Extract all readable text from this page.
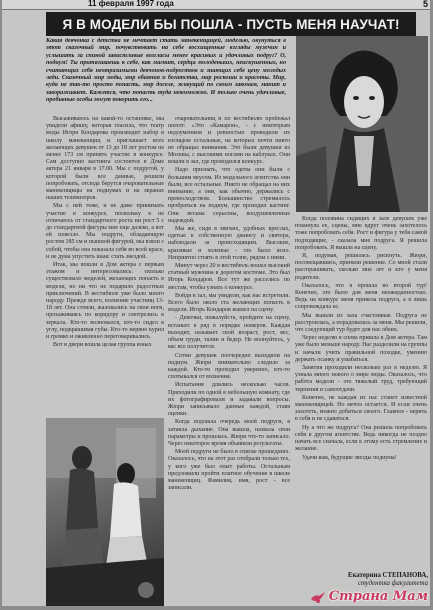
11 февраля 1997 года	5
Я В МОДЕЛИ БЫ ПОШЛА - ПУСТЬ МЕНЯ НАУЧАТ!
Какая девчонка с детства не мечтает стать манекенщицей, моделью, окунуться в этот сказочный мир, почувствовать на себе восхищенные взгляды мужчин и услышать за спиной завистливые возгласы менее красивых и удачливых подруг? О, подиум! Ты притягиваешь к себе, как магнит, сердца молоденьких, неискушенных, но считающих себя неотразимыми девчонок-подростков и знающих себе цену молодых леди. Сказочный мир моды, мир обаяния и богатства, мир роскоши и красоты. Мир, куда не так-то просто попасть, мир доселе, живущий по своим законам, манит и завораживает. Кажется, что попасть туда невозможно. И только очень удачливые, пробивные особы могут покорить его...

Высаживаюсь на какой-то остановке, мы увидели афишу, которая гласила, что театр моды Игоря Кондарова производит набор в школу манекенщиц и приглашает всех желающих девушек от 13 до 18 лет ростом не менее 173 см принять участие в конкурсе. Сам доступно кастинга состоится в Доме актера 21 января в 17.00. Мы с подругой, у которой были все данные, решили попробовать, отсюда берутся очаровательные манекенщицы на подиумах и на экранах наших телевизоров.

Мы с ней тоже, и не даже принимать участие в конкурсе, поскольку я не отличаюсь от стандартного роста ни рост 5 с до стандартной фигуры мне еще далеко, а вот ей повезло. Мы подруги, обладающую ростом 185 см и пышной фигурой, мы взяли с собой, чтобы она показала себя во всей красе, и не дума упустить шанс стать звездой.

Итак, мы вошли в Дом актера с первым этажом и интересовались: сколько существовало моделей, желающих попасть в модели, но ни что не подарило радостных приключений. В вестибюле уже было много народу. Прежде всего, волнение участниц 13-18 лет. Она стояли, жаловались на свои ноги, прохаживаясь по коридору и смотрелись в зеркала. Кто-то волновался, кто-то сидел в углу, подкрашивая губы. Кто-то нервно курил и громко и оживленно переговаривались.

Вот я двери вошла целая группа юных

очаровательниц и по вестибюлю пробежал шепот: «Это «Камарон», - с некоторым недоумением и ревностью проводили их взглядом остальные, на которых почти никто не обращал внимания. Это были девушки из Москвы, с высокими ногами на каблуках. Они вошли в зал, где проводился конкурс.

Надо признать, что одеты они были с большим вкусом. Из модельного агентства они были, все остальные. Никто не обращал на них внимание, а они, как обычно, держались с превосходством. Большинство стремилось пробраться на подиум, где проходил кастинг. Они весьма серьезны, воодушевленные надеждой.

Мы же, сидя в мягких, удобных креслах, одетые в собственную джинсу и свитера, наблюдали за происходящим. Высокие, красивые и холеные - это было ясно. Неприятно стоять в этой толпе, рядом с ними.

Минут через 20 в вестибюль вошел высокий статный мужчина в дорогом костюме. Это был Игорь Кондаров. Все тут же расселись по местам, чтобы узнать о конкурсе.

Войдя в зал, мы увидели, как нас встретили. Всего было около ста желающих попасть в модели. Игорь Кондаров вышел на сцену.

- Девочки, пожалуйста, пройдите на сцену, встаньте в ряд в порядке номеров. Каждая выходит, называет свой возраст, рост, вес, объем груди, талии и бедер. Не волнуйтесь, у вас все получится.

Сотни девушек поочередно выходили на подиум. Жюри внимательно следило за каждой. Кто-то проходил уверенно, кто-то спотыкался от волнения.

Испытания длились несколько часов. Приходили по одной в небольшую комнату, где их фотографировали и задавали вопросы. Жюри записывало данные каждой, ставя оценки.

Когда подошла очередь моей подруги, я затаила дыхание. Она вышла, назвала свои параметры и прошлась. Жюри что-то записало. Через некоторое время объявили результаты.

Моей подруги не было в списке прошедших. Оказалось, что на этот раз отобрали только тех, у кого уже был опыт работы. Остальным предложили пройти платное обучение в школе манекенщиц. Фамилия, имя, рост - все записали.

Когда половина сидящих в зале девушек уже покинула ее, сцены, мне вдруг очень захотелось тоже попробовать себя. Рост и фигура у тебя самой подходящие, - сказала мне подруга. Я решила попробовать. Я вышла на сцену.

Я, подумав, решилась рискнуть. Жюри, посовещавшись, приняли решение. Со мной стали расспрашивать, сколько мне лет и кто у меня родители.

Оказалось, что я прошла во второй тур! Конечно, это было для меня неожиданностью. Ведь на конкурс меня привела подруга, а я лишь сопровождала ее.

Мы вышли из зала счастливые. Подруга не расстроилась, а порадовалась за меня. Мы решили, что следующий тур будет для нас обеих.

Через неделю я снова пришла в Дом актера. Там уже было меньше народу. Нас разделили на группы и начали учить правильной походке, умению держать осанку и улыбаться.

Занятия проходили несколько раз в неделю. Я узнала много нового о мире моды. Оказалось, что работа модели - это тяжелый труд, требующий терпения и самоотдачи.

Конечно, не каждая из нас станет известной манекенщицей. Но мечта остается. И если очень захотеть, можно добиться своего. Главное - верить в себя и не сдаваться.

Ну а что же подруга? Она решила попробовать себя в другом агентстве. Ведь никогда не поздно начать все сначала, если к этому есть стремление и желание.

Удачи вам, будущие звезды подиума!

Екатерина СТЕПАНОВА,
студентка факультета
Страна Мам
